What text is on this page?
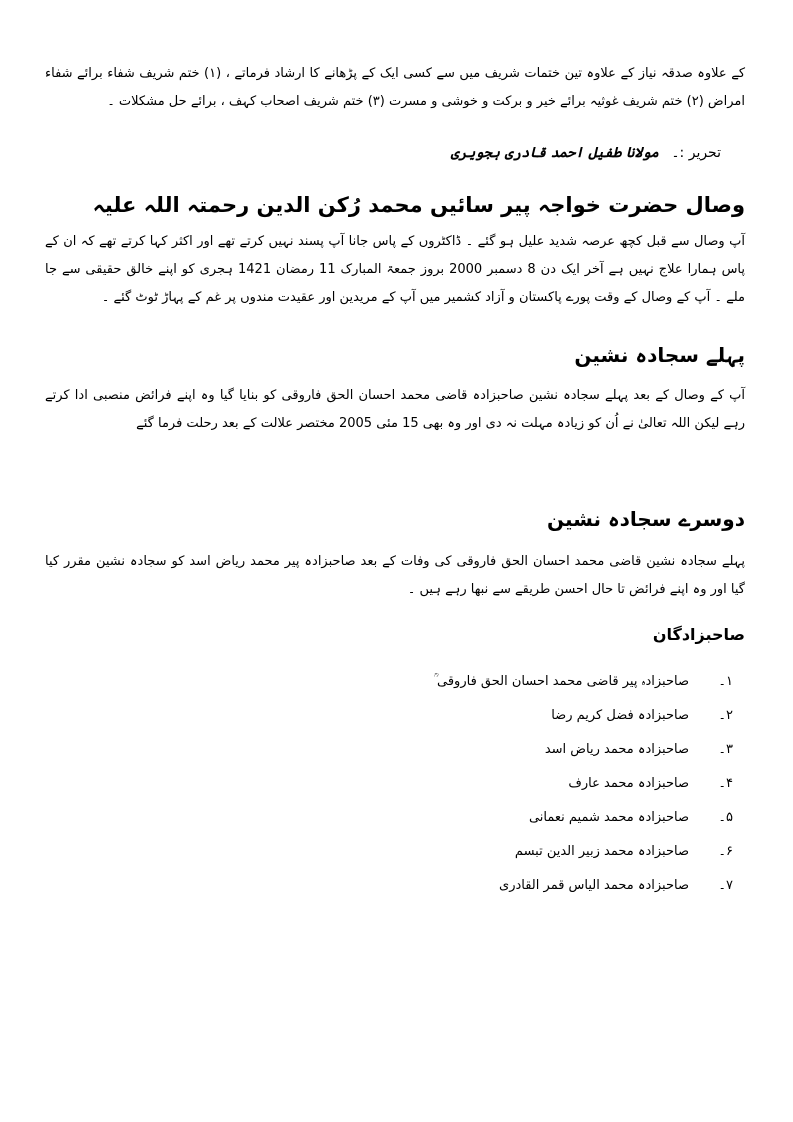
کے علاوہ صدقہ نیاز کے علاوہ تین ختمات شریف میں سے کسی ایک کے پڑھانے کا ارشاد فرماتے ، (۱) ختم شریف شفاء برائے شفاء امراض (۲) ختم شریف غوثیہ برائے خیر و برکت و خوشی و مسرت (۳) ختم شریف اصحاب کہف ، برائے حل مشکلات ۔

تحریر :۔ مولانا طفیل احمد قادری ہجویری

وصال حضرت خواجہ پیر سائیں محمد رُکن الدین رحمتہ اللہ علیہ

آپ وصال سے قبل کچھ عرصہ شدید علیل ہو گئے ۔ ڈاکٹروں کے پاس جانا آپ پسند نہیں کرتے تھے اور اکثر کہا کرتے تھے کہ ان کے پاس ہمارا علاج نہیں ہے آخر ایک دن 8 دسمبر 2000 بروز جمعۃ المبارک 11 رمضان 1421 ہجری کو اپنے خالق حقیقی سے جا ملے ۔ آپ کے وصال کے وقت پورے پاکستان و آزاد کشمیر میں آپ کے مریدین اور عقیدت مندوں پر غم کے پہاڑ ٹوٹ گئے ۔

پہلے سجادہ نشین

آپ کے وصال کے بعد پہلے سجادہ نشین صاحبزادہ قاضی محمد احسان الحق فاروقی کو بنایا گیا وہ اپنے فرائض منصبی ادا کرتے رہے لیکن اللہ تعالیٰ نے اُن کو زیادہ مہلت نہ دی اور وہ بھی 15 مئی 2005 مختصر علالت کے بعد رحلت فرما گئے

دوسرے سجادہ نشین

پہلے سجادہ نشین قاضی محمد احسان الحق فاروقی کی وفات کے بعد صاحبزادہ پیر محمد ریاض اسد کو سجادہ نشین مقرر کیا گیا اور وہ اپنے فرائض تا حال احسن طریقے سے نبھا رہے ہیں ۔

صاحبزادگان
۱۔
صاحبزادہ پیر قاضی محمد احسان الحق فاروقی ؒ
۲۔
صاحبزادہ فضل کریم رضا
۳۔
صاحبزادہ محمد ریاض اسد
۴۔
صاحبزادہ محمد عارف
۵۔
صاحبزادہ محمد شمیم نعمانی
۶۔
صاحبزادہ محمد زبیر الدین تبسم
۷۔
صاحبزادہ محمد الیاس قمر القادری
